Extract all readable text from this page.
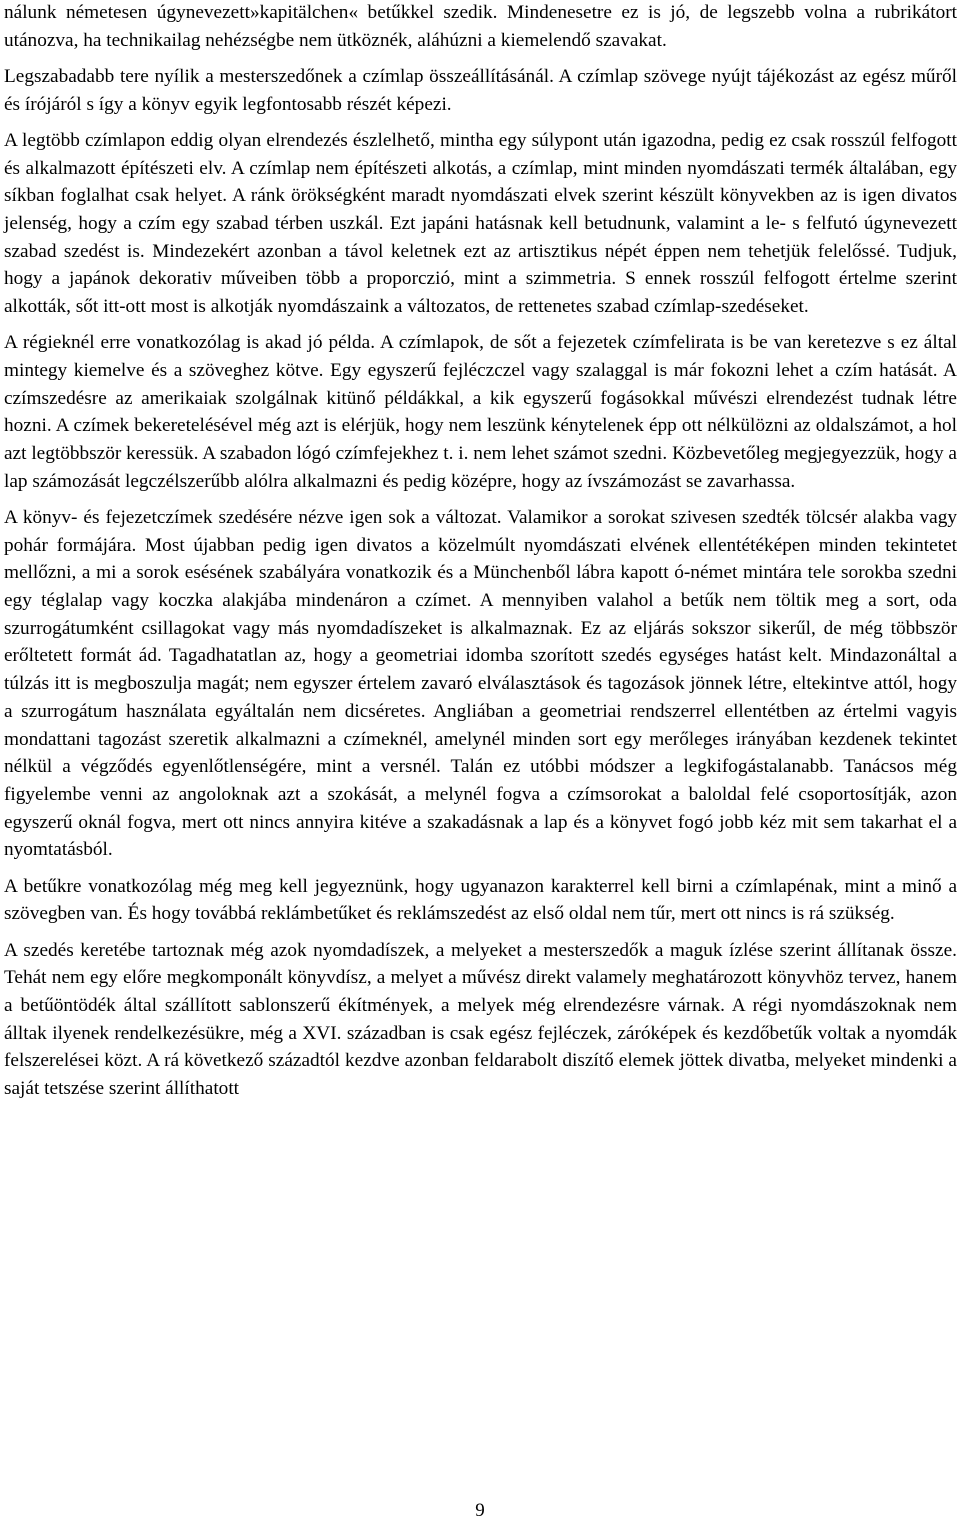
nálunk németesen úgynevezett»kapitälchen« betűkkel szedik. Mindenesetre ez is jó, de legszebb volna a rubrikátort utánozva, ha technikailag nehézségbe nem ütköznék, aláhúzni a kiemelendő szavakat.

Legszabadabb tere nyílik a mesterszedőnek a czímlap összeállításánál. A czímlap szövege nyújt tájékozást az egész műről és írójáról s így a könyv egyik legfontosabb részét képezi.

A legtöbb czímlapon eddig olyan elrendezés észlelhető, mintha egy súlypont után igazodna, pedig ez csak rosszúl felfogott és alkalmazott építészeti elv. A czímlap nem építészeti alkotás, a czímlap, mint minden nyomdászati termék általában, egy síkban foglalhat csak helyet. A ránk örökségként maradt nyomdászati elvek szerint készült könyvekben az is igen divatos jelenség, hogy a czím egy szabad térben uszkál. Ezt japáni hatásnak kell betudnunk, valamint a le- s felfutó úgynevezett szabad szedést is. Mindezekért azonban a távol keletnek ezt az artisztikus népét éppen nem tehetjük felelőssé. Tudjuk, hogy a japánok dekorativ műveiben több a proporczió, mint a szimmetria. S ennek rosszúl felfogott értelme szerint alkották, sőt itt-ott most is alkotják nyomdászaink a változatos, de rettenetes szabad czímlap-szedéseket.

A régieknél erre vonatkozólag is akad jó példa. A czímlapok, de sőt a fejezetek czímfelirata is be van keretezve s ez által mintegy kiemelve és a szöveghez kötve. Egy egyszerű fejléczczel vagy szalaggal is már fokozni lehet a czím hatását. A czímszedésre az amerikaiak szolgálnak kitünő példákkal, a kik egyszerű fogásokkal művészi elrendezést tudnak létre hozni. A czímek bekeretelésével még azt is elérjük, hogy nem leszünk kénytelenek épp ott nélkülözni az oldalszámot, a hol azt legtöbbször keressük. A szabadon lógó czímfejekhez t. i. nem lehet számot szedni. Közbevetőleg megjegyezzük, hogy a lap számozását legczélszerűbb alólra alkalmazni és pedig középre, hogy az ívszámozást se zavarhassa.

A könyv- és fejezetczímek szedésére nézve igen sok a változat. Valamikor a sorokat szivesen szedték tölcsér alakba vagy pohár formájára. Most újabban pedig igen divatos a közelmúlt nyomdászati elvének ellentétéképen minden tekintetet mellőzni, a mi a sorok esésének szabályára vonatkozik és a Münchenből lábra kapott ó-német mintára tele sorokba szedni egy téglalap vagy koczka alakjába mindenáron a czímet. A mennyiben valahol a betűk nem töltik meg a sort, oda szurrogátumként csillagokat vagy más nyomdadíszeket is alkalmaznak. Ez az eljárás sokszor sikerűl, de még többször erőltetett formát ád. Tagadhatatlan az, hogy a geometriai idomba szorított szedés egységes hatást kelt. Mindazonáltal a túlzás itt is megboszulja magát; nem egyszer értelem zavaró elválasztások és tagozások jönnek létre, eltekintve attól, hogy a szurrogátum használata egyáltalán nem dicséretes. Angliában a geometriai rendszerrel ellentétben az értelmi vagyis mondattani tagozást szeretik alkalmazni a czímeknél, amelynél minden sort egy merőleges irányában kezdenek tekintet nélkül a végződés egyenlőtlenségére, mint a versnél. Talán ez utóbbi módszer a legkifogástalanabb. Tanácsos még figyelembe venni az angoloknak azt a szokását, a melynél fogva a czímsorokat a baloldal felé csoportosítják, azon egyszerű oknál fogva, mert ott nincs annyira kitéve a szakadásnak a lap és a könyvet fogó jobb kéz mit sem takarhat el a nyomtatásból.

A betűkre vonatkozólag még meg kell jegyeznünk, hogy ugyanazon karakterrel kell birni a czímlapénak, mint a minő a szövegben van. És hogy továbbá reklámbetűket és reklámszedést az első oldal nem tűr, mert ott nincs is rá szükség.

A szedés keretébe tartoznak még azok nyomdadíszek, a melyeket a mesterszedők a maguk ízlése szerint állítanak össze. Tehát nem egy előre megkomponált könyvdísz, a melyet a művész direkt valamely meghatározott könyvhöz tervez, hanem a betűöntödék által szállított sablonszerű ékítmények, a melyek még elrendezésre várnak. A régi nyomdászoknak nem álltak ilyenek rendelkezésükre, még a XVI. században is csak egész fejléczek, záróképek és kezdőbetűk voltak a nyomdák felszerelései közt. A rá következő századtól kezdve azonban feldarabolt diszítő elemek jöttek divatba, melyeket mindenki a saját tetszése szerint állíthatott

9
